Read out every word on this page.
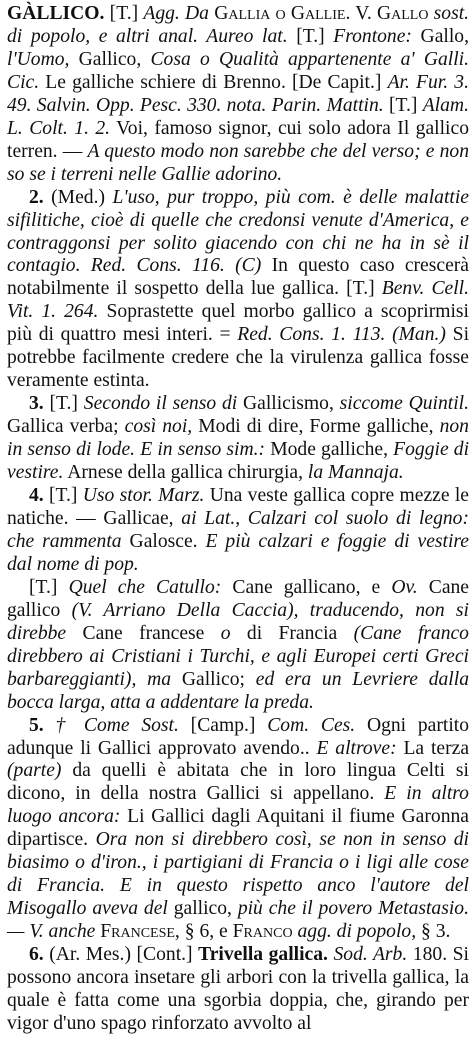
GÀLLICO. [T.] Agg. Da Gallia o Gallie. V. Gallo sost. di popolo, e altri anal. Aureo lat. [T.] Frontone: Gallo, l'Uomo, Gallico, Cosa o Qualità appartenente a' Galli. Cic. Le galliche schiere di Brenno. [De Capit.] Ar. Fur. 3. 49. Salvin. Opp. Pesc. 330. nota. Parin. Mattin. [T.] Alam. L. Colt. 1. 2. Voi, famoso signor, cui solo adora Il gallico terren. — A questo modo non sarebbe che del verso; e non so se i terreni nelle Gallie adorino.

2. (Med.) L'uso, pur troppo, più com. è delle malattie sifilitiche, cioè di quelle che credonsi venute d'America, e contraggonsi per solito giacendo con chi ne ha in sè il contagio. Red. Cons. 116. (C) In questo caso crescerà notabilmente il sospetto della lue gallica. [T.] Benv. Cell. Vit. 1. 264. Soprastette quel morbo gallico a scoprirmisi più di quattro mesi interi. = Red. Cons. 1. 113. (Man.) Si potrebbe facilmente credere che la virulenza gallica fosse veramente estinta.

3. [T.] Secondo il senso di Gallicismo, siccome Quintil. Gallica verba; così noi, Modi di dire, Forme galliche, non in senso di lode. E in senso sim.: Mode galliche, Foggie di vestire. Arnese della gallica chirurgia, la Mannaja.

4. [T.] Uso stor. Marz. Una veste gallica copre mezze le natiche. — Gallicae, ai Lat., Calzari col suolo di legno: che rammenta Galosce. E più calzari e foggie di vestire dal nome di pop.

[T.] Quel che Catullo: Cane gallicano, e Ov. Cane gallico (V. Arriano Della Caccia), traducendo, non si direbbe Cane francese o di Francia (Cane franco direbbero ai Cristiani i Turchi, e agli Europei certi Greci barbareggianti), ma Gallico; ed era un Levriere dalla bocca larga, atta a addentare la preda.

5. † Come Sost. [Camp.] Com. Ces. Ogni partito adunque li Gallici approvato avendo.. E altrove: La terza (parte) da quelli è abitata che in loro lingua Celti si dicono, in della nostra Gallici si appellano. E in altro luogo ancora: Li Gallici dagli Aquitani il fiume Garonna dipartisce. Ora non si direbbero così, se non in senso di biasimo o d'iron., i partigiani di Francia o i ligi alle cose di Francia. E in questo rispetto anco l'autore del Misogallo aveva del gallico, più che il povero Metastasio. — V. anche Francese, § 6, e Franco agg. di popolo, § 3.

6. (Ar. Mes.) [Cont.] Trivella gallica. Sod. Arb. 180. Si possono ancora insetare gli arbori con la trivella gallica, la quale è fatta come una sgorbia doppia, che, girando per vigor d'uno spago rinforzato avvolto al
